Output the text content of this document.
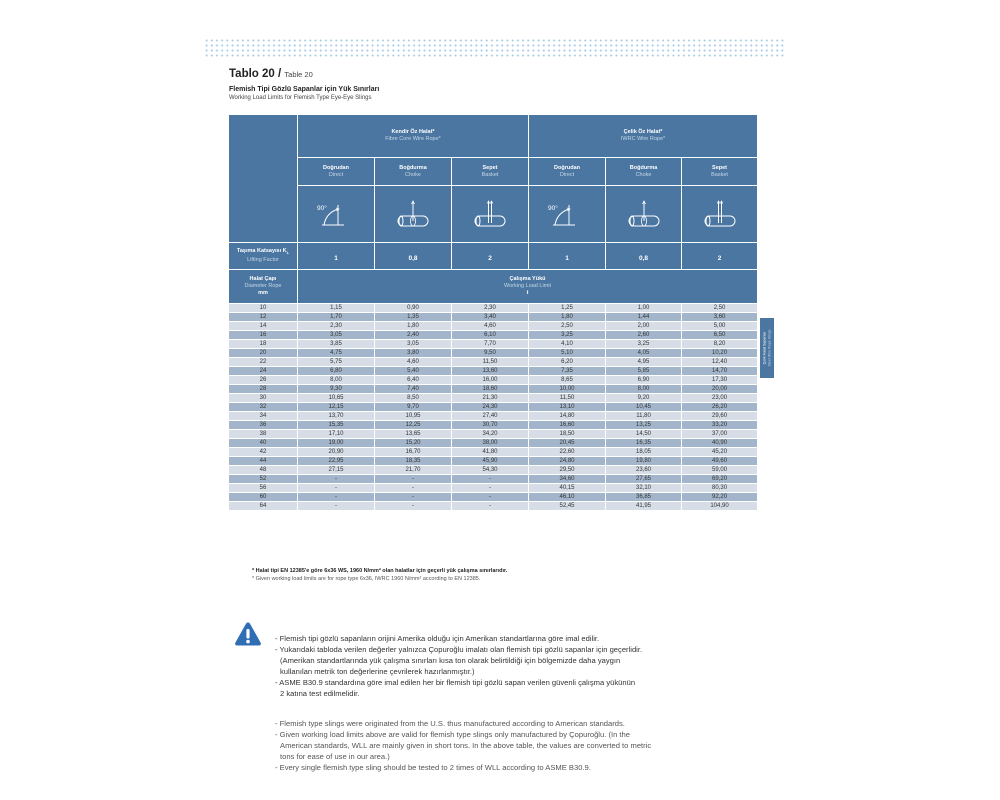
Tablo 20 / Table 20
Flemish Tipi Gözlü Sapanlar için Yük Sınırları
Working Load Limits for Flemish Type Eye-Eye Slings

	Kendir Öz Halat*
Fibre Core Wire Rope*			Çelik Öz Halat*
IWRC Wire Rope*		

	Doğrudan
Direct	Boğdurma
Choke	Sepet
Basket	Doğrudan
Direct	Boğdurma
Choke	Sepet
Basket

90°			90°

Taşıma Katsayısı $K_L$
Lifting Factor	1	0,8	2	1	0,8	2

Halat Çapı
Diameter Rope
mm	Çalışma Yükü
Working Load Limit
t					

10	1,15	0,90	2,30	1,25	1,00	2,50
12	1,70	1,35	3,40	1,80	1,44	3,60
14	2,30	1,80	4,60	2,50	2,00	5,00
16	3,05	2,40	6,10	3,25	2,60	6,50
18	3,85	3,05	7,70	4,10	3,25	8,20
20	4,75	3,80	9,50	5,10	4,05	10,20
22	5,75	4,60	11,50	6,20	4,95	12,40
24	6,80	5,40	13,60	7,35	5,85	14,70
26	8,00	6,40	16,00	8,65	6,90	17,30
28	9,30	7,40	18,60	10,00	8,00	20,00
30	10,65	8,50	21,30	11,50	9,20	23,00
32	12,15	9,70	24,30	13,10	10,45	26,20
34	13,70	10,95	27,40	14,80	11,80	29,60
36	15,35	12,25	30,70	16,60	13,25	33,20
38	17,10	13,65	34,20	18,50	14,50	37,00
40	19,00	15,20	38,00	20,45	16,35	40,90
42	20,90	16,70	41,80	22,60	18,05	45,20
44	22,95	18,35	45,90	24,80	19,80	49,60
48	27,15	21,70	54,30	29,50	23,60	59,00
52	-	-	-	34,60	27,65	69,20
56	-	-	-	40,15	32,10	80,30
60	-	-	-	46,10	36,85	92,20
64	-	-	-	52,45	41,95	104,90
Çelik Halat Sapanlar Steel Wire Rope Slings
* Halat tipi EN 12385'e göre 6x36 WS, 1960 N/mm² olan halatlar için geçerli yük çalışma sınırlarıdır.
* Given working load limits are for rope type 6x36, IWRC 1960 N/mm² according to EN 12385.

- Flemish tipi gözlü sapanların orijini Amerika olduğu için Amerikan standartlarına göre imal edilir.

- Yukarıdaki tabloda verilen değerler yalnızca Çopuroğlu imalatı olan flemish tipi gözlü sapanlar için geçerlidir.

(Amerikan standartlarında yük çalışma sınırları kısa ton olarak belirtildiği için bölgemizde daha yaygın

kullanılan metrik ton değerlerine çevrilerek hazırlanmıştır.)

- ASME B30.9 standardına göre imal edilen her bir flemish tipi gözlü sapan verilen güvenli çalışma yükünün

2 katına test edilmelidir.

- Flemish type slings were originated from the U.S. thus manufactured according to American standards.

- Given working load limits above are valid for flemish type slings only manufactured by Çopuroğlu. (In the

American standards, WLL are mainly given in short tons. In the above table, the values are converted to metric

tons for ease of use in our area.)

- Every single flemish type sling should be tested to 2 times of WLL according to ASME B30.9.
